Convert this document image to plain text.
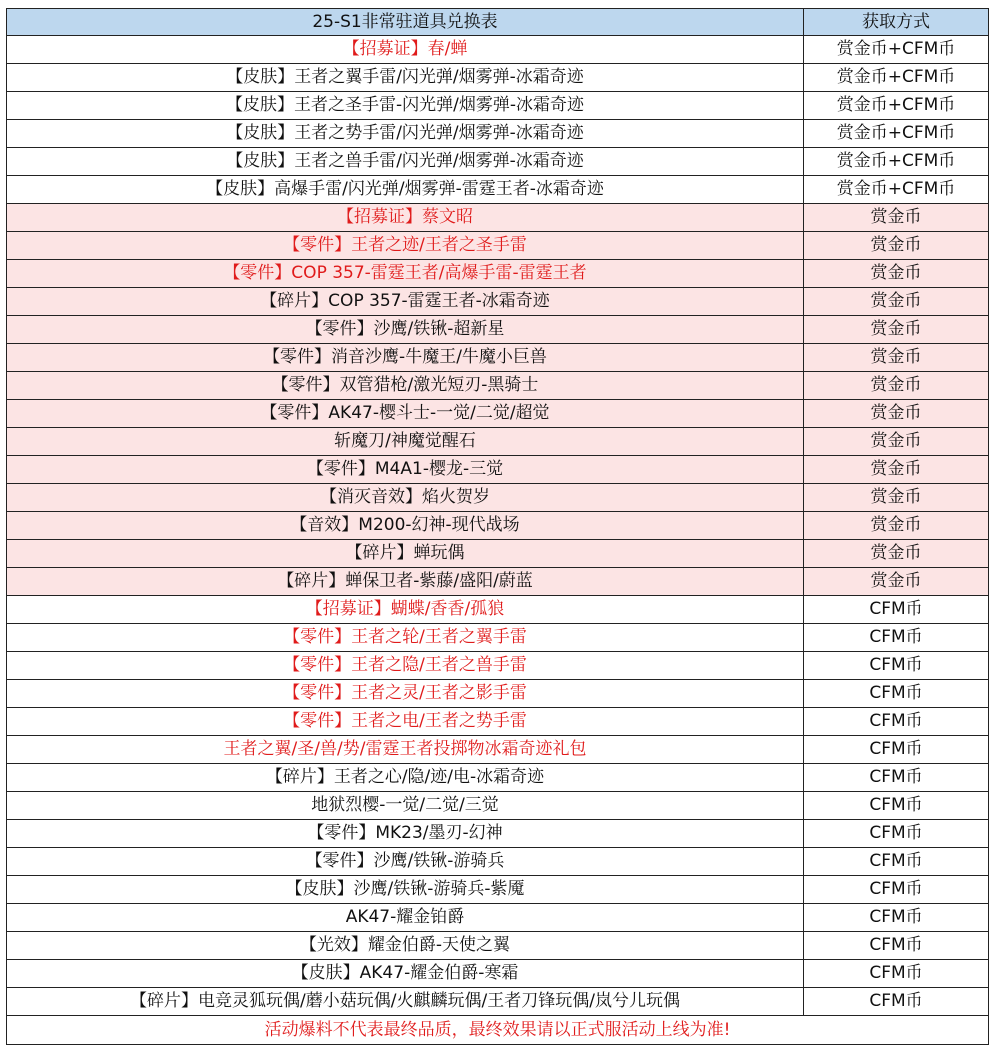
25-S1非常驻道具兑换表	获取方式
【招募证】春/蝉	赏金币+CFM币
【皮肤】王者之翼手雷/闪光弹/烟雾弹-冰霜奇迹	赏金币+CFM币
【皮肤】王者之圣手雷-闪光弹/烟雾弹-冰霜奇迹	赏金币+CFM币
【皮肤】王者之势手雷/闪光弹/烟雾弹-冰霜奇迹	赏金币+CFM币
【皮肤】王者之兽手雷/闪光弹/烟雾弹-冰霜奇迹	赏金币+CFM币
【皮肤】高爆手雷/闪光弹/烟雾弹-雷霆王者-冰霜奇迹	赏金币+CFM币
【招募证】蔡文昭	赏金币
【零件】王者之迹/王者之圣手雷	赏金币
【零件】COP 357-雷霆王者/高爆手雷-雷霆王者	赏金币
【碎片】COP 357-雷霆王者-冰霜奇迹	赏金币
【零件】沙鹰/铁锹-超新星	赏金币
【零件】消音沙鹰-牛魔王/牛魔小巨兽	赏金币
【零件】双管猎枪/激光短刃-黑骑士	赏金币
【零件】AK47-樱斗士-一觉/二觉/超觉	赏金币
斩魔刀/神魔觉醒石	赏金币
【零件】M4A1-樱龙-三觉	赏金币
【消灭音效】焰火贺岁	赏金币
【音效】M200-幻神-现代战场	赏金币
【碎片】蝉玩偶	赏金币
【碎片】蝉保卫者-紫藤/盛阳/蔚蓝	赏金币
【招募证】蝴蝶/香香/孤狼	CFM币
【零件】王者之轮/王者之翼手雷	CFM币
【零件】王者之隐/王者之兽手雷	CFM币
【零件】王者之灵/王者之影手雷	CFM币
【零件】王者之电/王者之势手雷	CFM币
王者之翼/圣/兽/势/雷霆王者投掷物冰霜奇迹礼包	CFM币
【碎片】王者之心/隐/迹/电-冰霜奇迹	CFM币
地狱烈樱-一觉/二觉/三觉	CFM币
【零件】MK23/墨刃-幻神	CFM币
【零件】沙鹰/铁锹-游骑兵	CFM币
【皮肤】沙鹰/铁锹-游骑兵-紫魇	CFM币
AK47-耀金铂爵	CFM币
【光效】耀金伯爵-天使之翼	CFM币
【皮肤】AK47-耀金伯爵-寒霜	CFM币
【碎片】电竞灵狐玩偶/蘑小菇玩偶/火麒麟玩偶/王者刀锋玩偶/岚兮儿玩偶	CFM币
活动爆料不代表最终品质，最终效果请以正式服活动上线为准!	
